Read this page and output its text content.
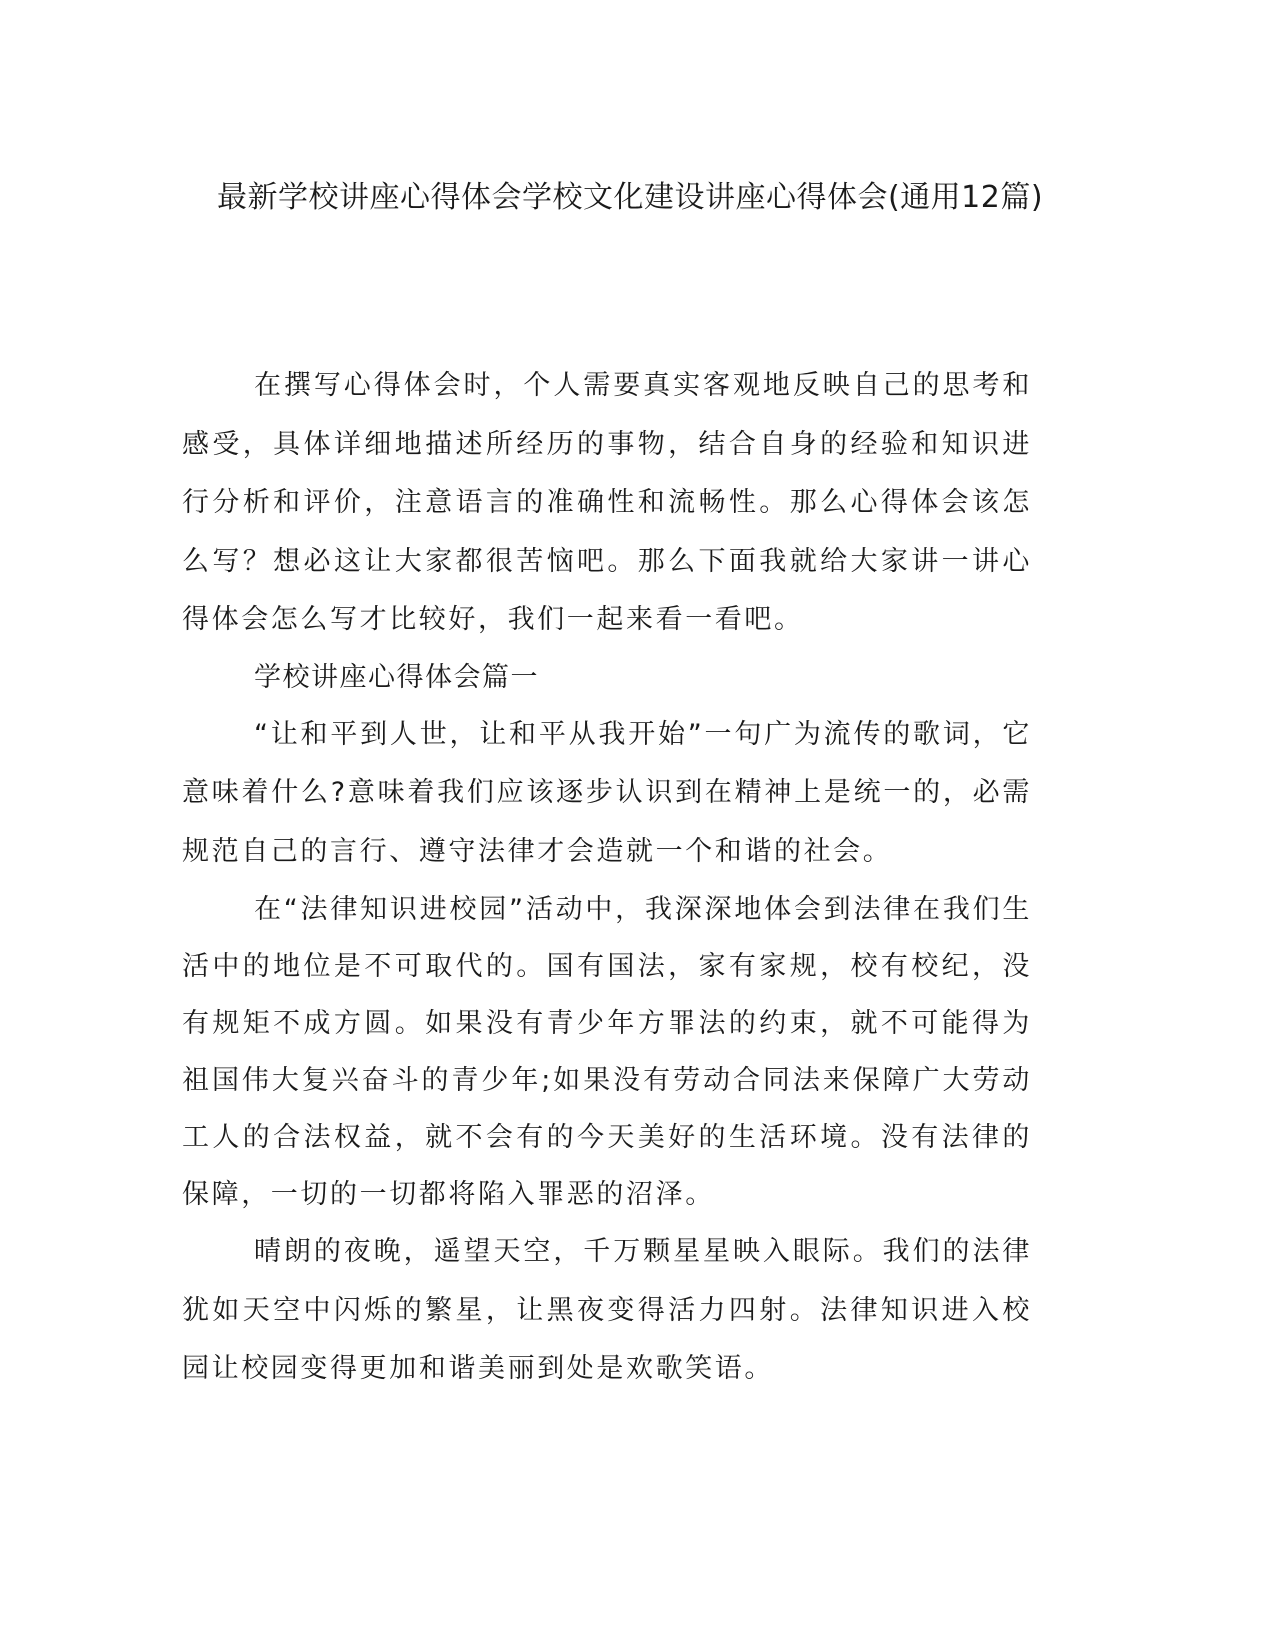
最新学校讲座心得体会学校文化建设讲座心得体会(通用12篇)

在撰写心得体会时，个人需要真实客观地反映自己的思考和感受，具体详细地描述所经历的事物，结合自身的经验和知识进行分析和评价，注意语言的准确性和流畅性。那么心得体会该怎么写？想必这让大家都很苦恼吧。那么下面我就给大家讲一讲心得体会怎么写才比较好，我们一起来看一看吧。

学校讲座心得体会篇一

“让和平到人世，让和平从我开始”一句广为流传的歌词，它意味着什么?意味着我们应该逐步认识到在精神上是统一的，必需规范自己的言行、遵守法律才会造就一个和谐的社会。

在“法律知识进校园”活动中，我深深地体会到法律在我们生活中的地位是不可取代的。国有国法，家有家规，校有校纪，没有规矩不成方圆。如果没有青少年方罪法的约束，就不可能得为祖国伟大复兴奋斗的青少年;如果没有劳动合同法来保障广大劳动工人的合法权益，就不会有的今天美好的生活环境。没有法律的保障，一切的一切都将陷入罪恶的沼泽。

晴朗的夜晚，遥望天空，千万颗星星映入眼际。我们的法律犹如天空中闪烁的繁星，让黑夜变得活力四射。法律知识进入校园让校园变得更加和谐美丽到处是欢歌笑语。
